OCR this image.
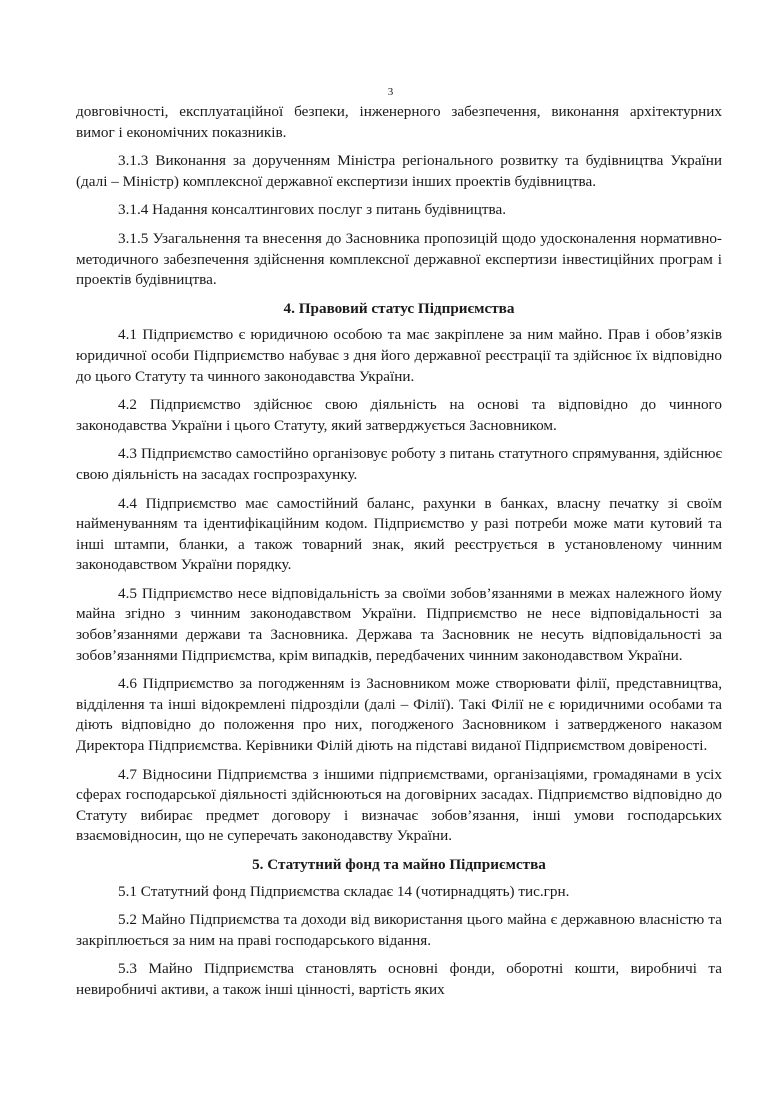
3

довговічності, експлуатаційної безпеки, інженерного забезпечення, виконання архітектурних вимог і економічних показників.

3.1.3 Виконання за дорученням Міністра регіонального розвитку та будівництва України (далі – Міністр) комплексної державної експертизи інших проектів будівництва.

3.1.4 Надання консалтингових послуг з питань будівництва.

3.1.5 Узагальнення та внесення до Засновника пропозицій щодо удосконалення нормативно-методичного забезпечення здійснення комплексної державної експертизи інвестиційних програм і проектів будівництва.

4. Правовий статус Підприємства

4.1 Підприємство є юридичною особою та має закріплене за ним майно. Прав і обов’язків юридичної особи Підприємство набуває з дня його державної реєстрації та здійснює їх відповідно до цього Статуту та чинного законодавства України.

4.2 Підприємство здійснює свою діяльність на основі та відповідно до чинного законодавства України і цього Статуту, який затверджується Засновником.

4.3 Підприємство самостійно організовує роботу з питань статутного спрямування, здійснює свою діяльність на засадах госпрозрахунку.

4.4 Підприємство має самостійний баланс, рахунки в банках, власну печатку зі своїм найменуванням та ідентифікаційним кодом. Підприємство у разі потреби може мати кутовий та інші штампи, бланки, а також товарний знак, який реєструється в установленому чинним законодавством України порядку.

4.5 Підприємство несе відповідальність за своїми зобов’язаннями в межах належного йому майна згідно з чинним законодавством України. Підприємство не несе відповідальності за зобов’язаннями держави та Засновника. Держава та Засновник не несуть відповідальності за зобов’язаннями Підприємства, крім випадків, передбачених чинним законодавством України.

4.6 Підприємство за погодженням із Засновником може створювати філії, представництва, відділення та інші відокремлені підрозділи (далі – Філії). Такі Філії не є юридичними особами та діють відповідно до положення про них, погодженого Засновником і затвердженого наказом Директора Підприємства. Керівники Філій діють на підставі виданої Підприємством довіреності.

4.7 Відносини Підприємства з іншими підприємствами, організаціями, громадянами в усіх сферах господарської діяльності здійснюються на договірних засадах. Підприємство відповідно до Статуту вибирає предмет договору і визначає зобов’язання, інші умови господарських взаємовідносин, що не суперечать законодавству України.

5. Статутний фонд та майно Підприємства

5.1 Статутний фонд Підприємства складає 14 (чотирнадцять) тис.грн.

5.2 Майно Підприємства та доходи від використання цього майна є державною власністю та закріплюється за ним на праві господарського відання.

5.3 Майно Підприємства становлять основні фонди, оборотні кошти, виробничі та невиробничі активи, а також інші цінності, вартість яких
